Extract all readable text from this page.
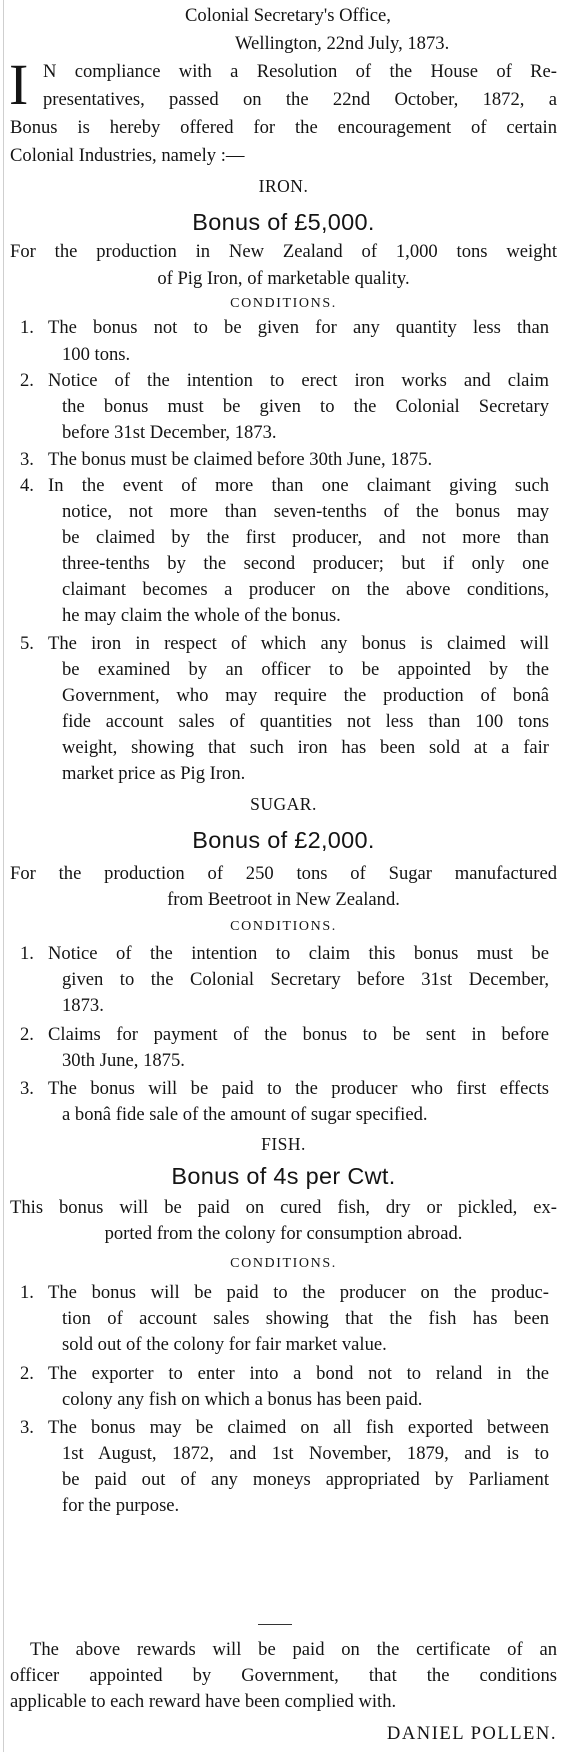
Colonial Secretary's Office,
Wellington, 22nd July, 1873.
I N compliance with a Resolution of the House of Re-
presentatives, passed on the 22nd October, 1872, a
Bonus is hereby offered for the encouragement of certain
Colonial Industries, namely :—
IRON.
Bonus of £5,000.
For the production in New Zealand of 1,000 tons weight
of Pig Iron, of marketable quality.
CONDITIONS.
1. The bonus not to be given for any quantity less than
100 tons.
2. Notice of the intention to erect iron works and claim
the bonus must be given to the Colonial Secretary
before 31st December, 1873.
3. The bonus must be claimed before 30th June, 1875.
4. In the event of more than one claimant giving such
notice, not more than seven-tenths of the bonus may
be claimed by the first producer, and not more than
three-tenths by the second producer; but if only one
claimant becomes a producer on the above conditions,
he may claim the whole of the bonus.
5. The iron in respect of which any bonus is claimed will
be examined by an officer to be appointed by the
Government, who may require the production of bonâ
fide account sales of quantities not less than 100 tons
weight, showing that such iron has been sold at a fair
market price as Pig Iron.
SUGAR.
Bonus of £2,000.
For the production of 250 tons of Sugar manufactured
from Beetroot in New Zealand.
CONDITIONS.
1. Notice of the intention to claim this bonus must be
given to the Colonial Secretary before 31st December,
1873.
2. Claims for payment of the bonus to be sent in before
30th June, 1875.
3. The bonus will be paid to the producer who first effects
a bonâ fide sale of the amount of sugar specified.
FISH.
Bonus of 4s per Cwt.
This bonus will be paid on cured fish, dry or pickled, ex-
ported from the colony for consumption abroad.
CONDITIONS.
1. The bonus will be paid to the producer on the produc-
tion of account sales showing that the fish has been
sold out of the colony for fair market value.
2. The exporter to enter into a bond not to reland in the
colony any fish on which a bonus has been paid.
3. The bonus may be claimed on all fish exported between
1st August, 1872, and 1st November, 1879, and is to
be paid out of any moneys appropriated by Parliament
for the purpose.
The above rewards will be paid on the certificate of an
officer appointed by Government, that the conditions
applicable to each reward have been complied with.
DANIEL POLLEN.
